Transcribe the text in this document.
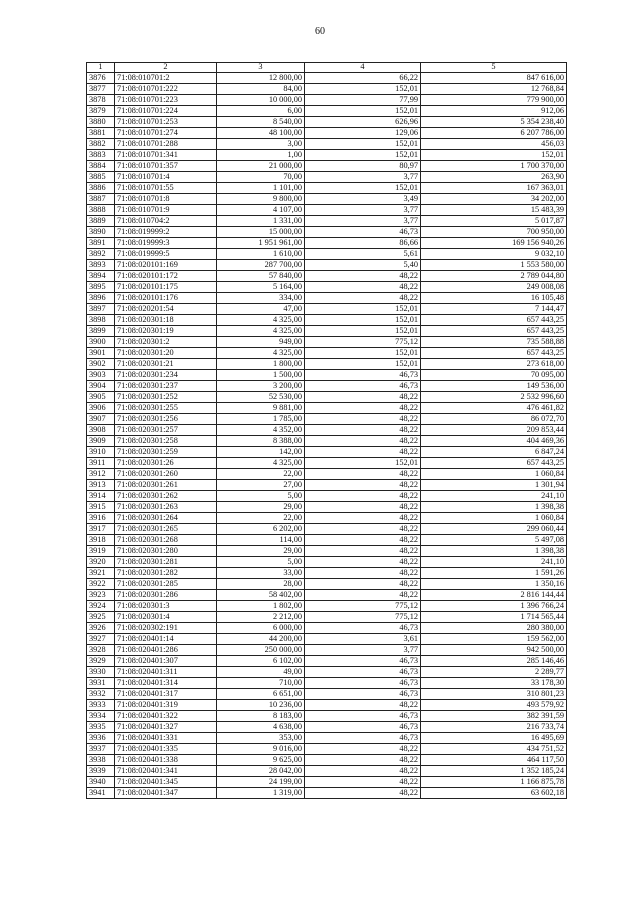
60
1	2	3	4	5
3876	71:08:010701:2	12 800,00	66,22	847 616,00
3877	71:08:010701:222	84,00	152,01	12 768,84
3878	71:08:010701:223	10 000,00	77,99	779 900,00
3879	71:08:010701:224	6,00	152,01	912,06
3880	71:08:010701:253	8 540,00	626,96	5 354 238,40
3881	71:08:010701:274	48 100,00	129,06	6 207 786,00
3882	71:08:010701:288	3,00	152,01	456,03
3883	71:08:010701:341	1,00	152,01	152,01
3884	71:08:010701:357	21 000,00	80,97	1 700 370,00
3885	71:08:010701:4	70,00	3,77	263,90
3886	71:08:010701:55	1 101,00	152,01	167 363,01
3887	71:08:010701:8	9 800,00	3,49	34 202,00
3888	71:08:010701:9	4 107,00	3,77	15 483,39
3889	71:08:010704:2	1 331,00	3,77	5 017,87
3890	71:08:019999:2	15 000,00	46,73	700 950,00
3891	71:08:019999:3	1 951 961,00	86,66	169 156 940,26
3892	71:08:019999:5	1 610,00	5,61	9 032,10
3893	71:08:020101:169	287 700,00	5,40	1 553 580,00
3894	71:08:020101:172	57 840,00	48,22	2 789 044,80
3895	71:08:020101:175	5 164,00	48,22	249 008,08
3896	71:08:020101:176	334,00	48,22	16 105,48
3897	71:08:020201:54	47,00	152,01	7 144,47
3898	71:08:020301:18	4 325,00	152,01	657 443,25
3899	71:08:020301:19	4 325,00	152,01	657 443,25
3900	71:08:020301:2	949,00	775,12	735 588,88
3901	71:08:020301:20	4 325,00	152,01	657 443,25
3902	71:08:020301:21	1 800,00	152,01	273 618,00
3903	71:08:020301:234	1 500,00	46,73	70 095,00
3904	71:08:020301:237	3 200,00	46,73	149 536,00
3905	71:08:020301:252	52 530,00	48,22	2 532 996,60
3906	71:08:020301:255	9 881,00	48,22	476 461,82
3907	71:08:020301:256	1 785,00	48,22	86 072,70
3908	71:08:020301:257	4 352,00	48,22	209 853,44
3909	71:08:020301:258	8 388,00	48,22	404 469,36
3910	71:08:020301:259	142,00	48,22	6 847,24
3911	71:08:020301:26	4 325,00	152,01	657 443,25
3912	71:08:020301:260	22,00	48,22	1 060,84
3913	71:08:020301:261	27,00	48,22	1 301,94
3914	71:08:020301:262	5,00	48,22	241,10
3915	71:08:020301:263	29,00	48,22	1 398,38
3916	71:08:020301:264	22,00	48,22	1 060,84
3917	71:08:020301:265	6 202,00	48,22	299 060,44
3918	71:08:020301:268	114,00	48,22	5 497,08
3919	71:08:020301:280	29,00	48,22	1 398,38
3920	71:08:020301:281	5,00	48,22	241,10
3921	71:08:020301:282	33,00	48,22	1 591,26
3922	71:08:020301:285	28,00	48,22	1 350,16
3923	71:08:020301:286	58 402,00	48,22	2 816 144,44
3924	71:08:020301:3	1 802,00	775,12	1 396 766,24
3925	71:08:020301:4	2 212,00	775,12	1 714 565,44
3926	71:08:020302:191	6 000,00	46,73	280 380,00
3927	71:08:020401:14	44 200,00	3,61	159 562,00
3928	71:08:020401:286	250 000,00	3,77	942 500,00
3929	71:08:020401:307	6 102,00	46,73	285 146,46
3930	71:08:020401:311	49,00	46,73	2 289,77
3931	71:08:020401:314	710,00	46,73	33 178,30
3932	71:08:020401:317	6 651,00	46,73	310 801,23
3933	71:08:020401:319	10 236,00	48,22	493 579,92
3934	71:08:020401:322	8 183,00	46,73	382 391,59
3935	71:08:020401:327	4 638,00	46,73	216 733,74
3936	71:08:020401:331	353,00	46,73	16 495,69
3937	71:08:020401:335	9 016,00	48,22	434 751,52
3938	71:08:020401:338	9 625,00	48,22	464 117,50
3939	71:08:020401:341	28 042,00	48,22	1 352 185,24
3940	71:08:020401:345	24 199,00	48,22	1 166 875,78
3941	71:08:020401:347	1 319,00	48,22	63 602,18
